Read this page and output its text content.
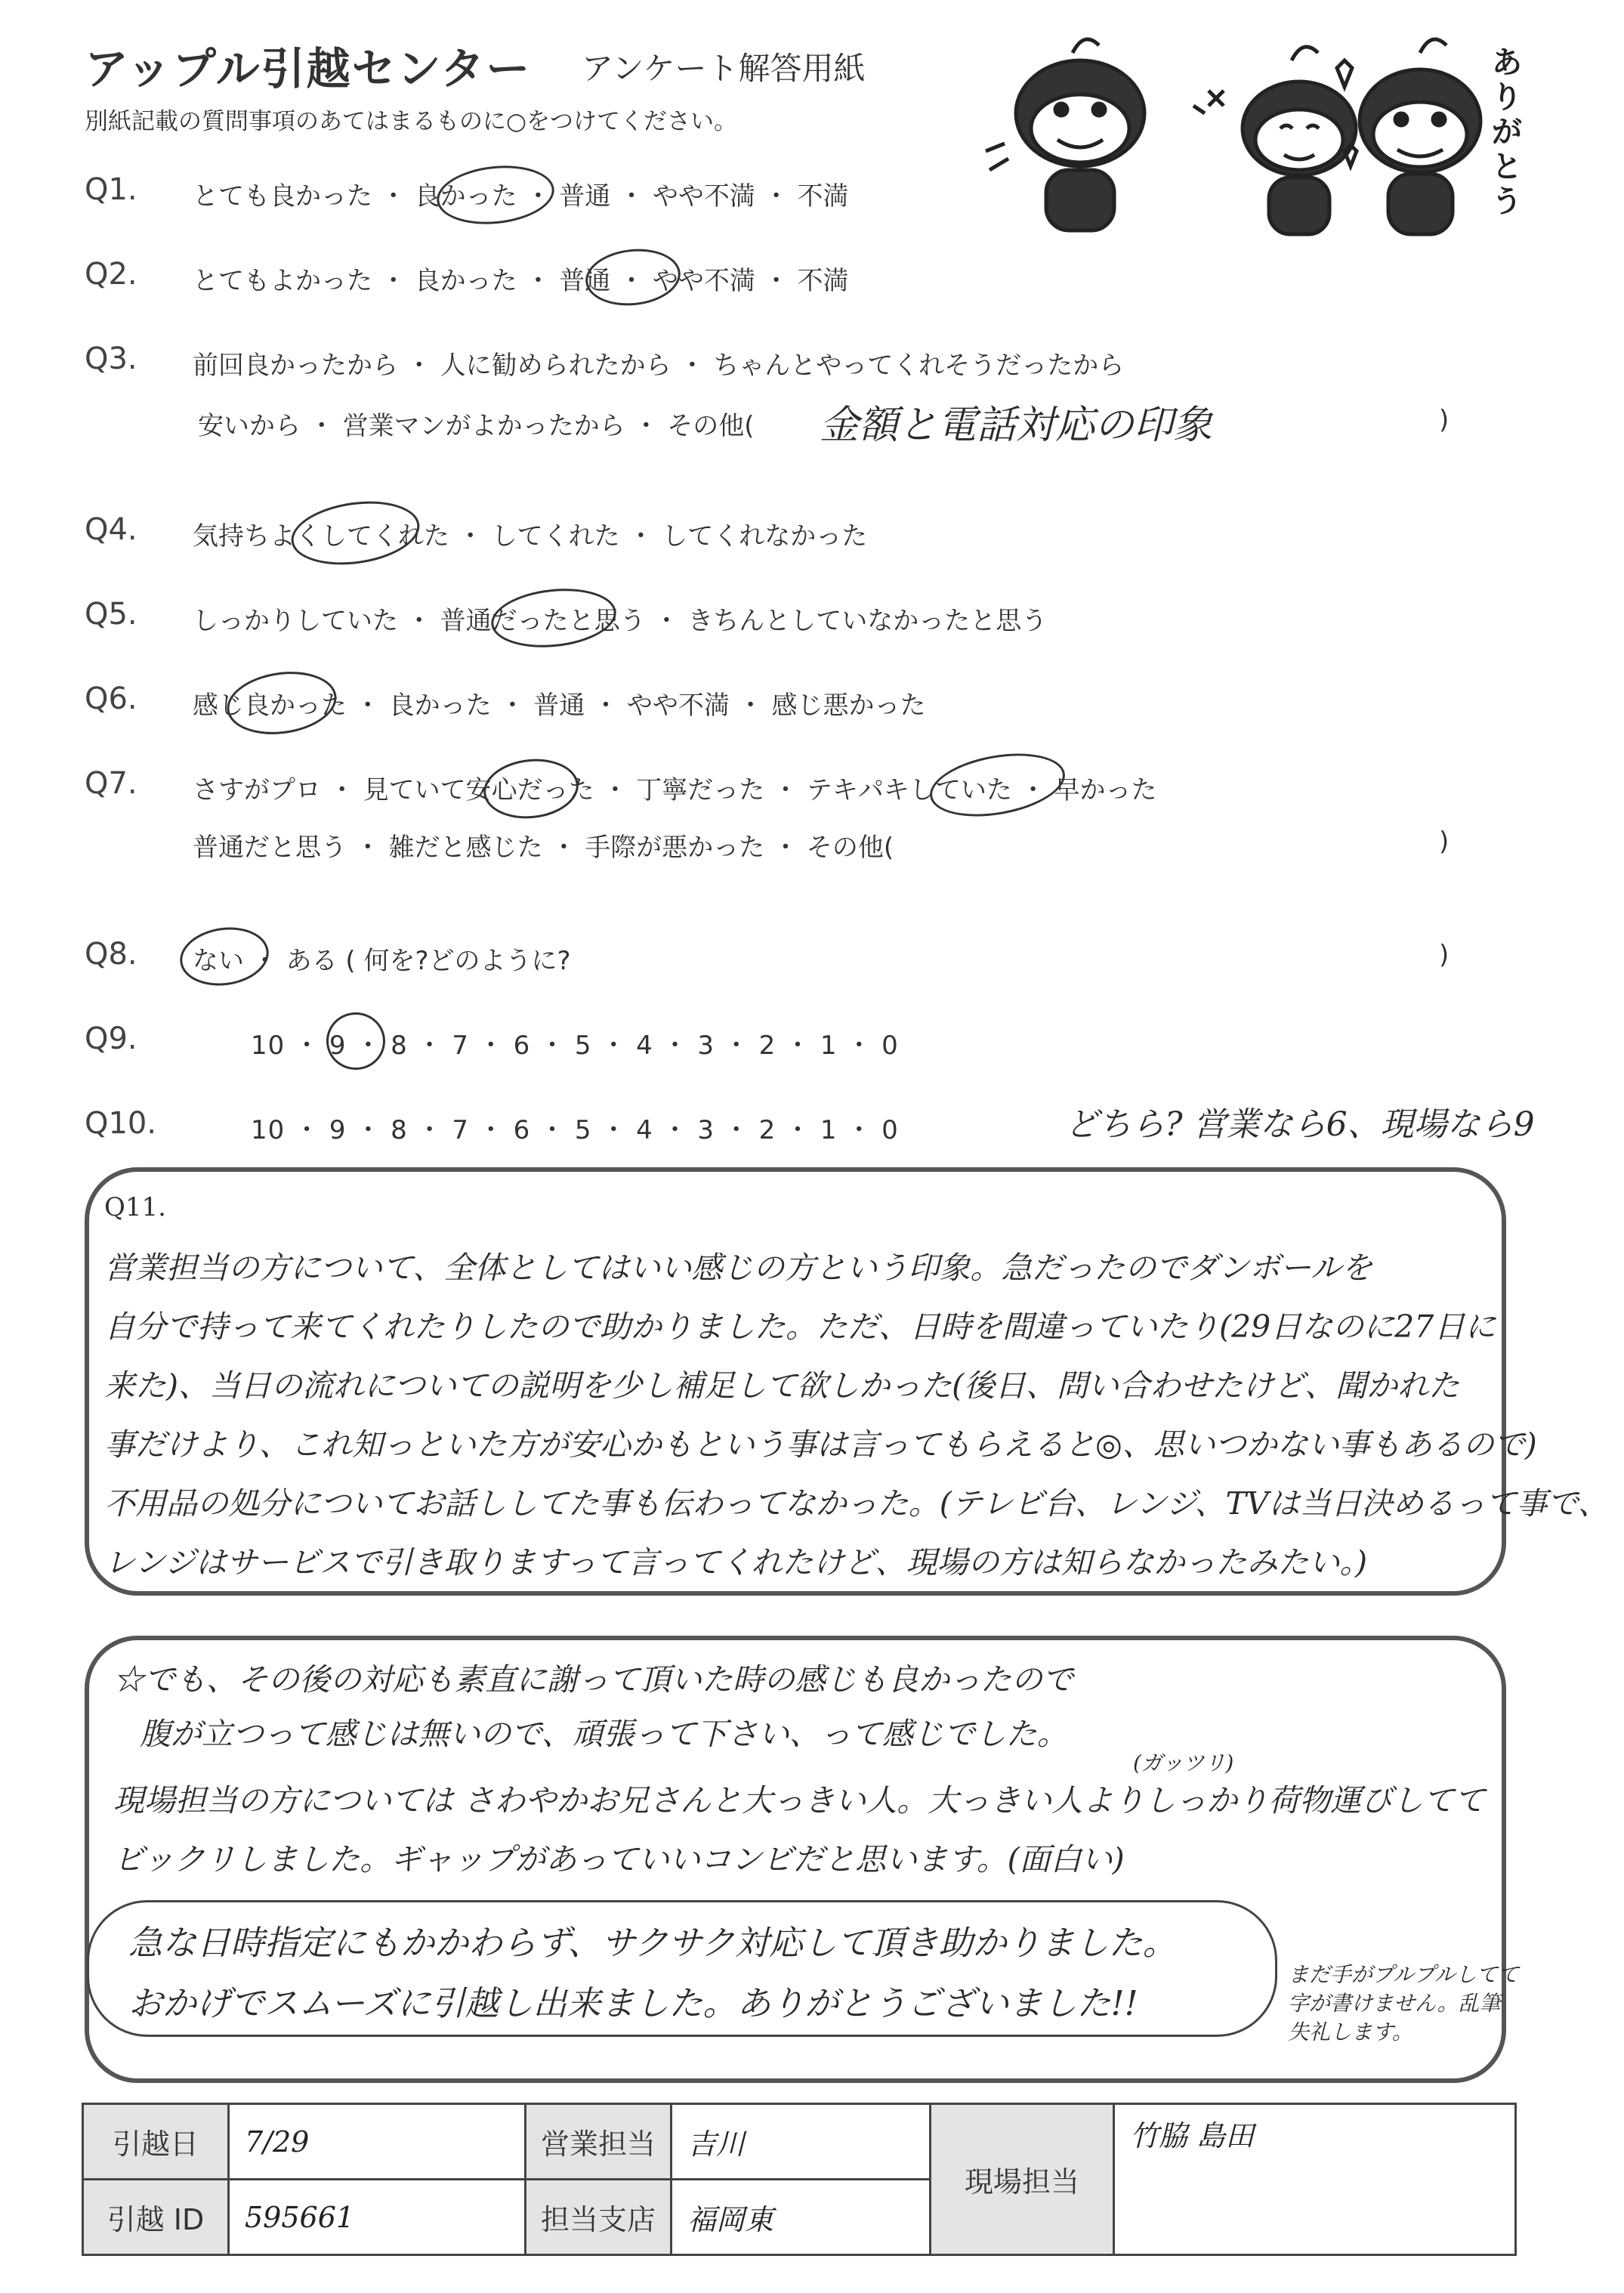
アップル引越センター アンケート解答用紙
別紙記載の質問事項のあてはまるものに○をつけてください。
ありがとう
Q1. とても良かった ・ 良かった ・ 普通 ・ やや不満 ・ 不満
Q2. とてもよかった ・ 良かった ・ 普通 ・ やや不満 ・ 不満
Q3. 前回良かったから ・ 人に勧められたから ・ ちゃんとやってくれそうだったから
安いから ・ 営業マンがよかったから ・ その他( 金額と電話対応の印象	)
Q4. 気持ちよくしてくれた ・ してくれた ・ してくれなかった
Q5. しっかりしていた ・ 普通だったと思う ・ きちんとしていなかったと思う
Q6. 感じ良かった ・ 良かった ・ 普通 ・ やや不満 ・ 感じ悪かった
Q7. さすがプロ ・ 見ていて安心だった ・ 丁寧だった ・ テキパキしていた ・ 早かった
普通だと思う ・ 雑だと感じた ・ 手際が悪かった ・ その他(	)
Q8. ない ・ ある ( 何を?どのように?	)
Q9.	10 ・ 9 ・ 8 ・ 7 ・ 6 ・ 5 ・ 4 ・ 3 ・ 2 ・ 1 ・ 0
Q10.	10 ・ 9 ・ 8 ・ 7 ・ 6 ・ 5 ・ 4 ・ 3 ・ 2 ・ 1 ・ 0	どちら? 営業なら6、現場なら9
Q11.
営業担当の方について、全体としてはいい感じの方という印象。急だったのでダンボールを
自分で持って来てくれたりしたので助かりました。ただ、日時を間違っていたり(29日なのに27日に
来た)、当日の流れについての説明を少し補足して欲しかった(後日、問い合わせたけど、聞かれた
事だけより、これ知っといた方が安心かもという事は言ってもらえると◎、思いつかない事もあるので)
不用品の処分についてお話ししてた事も伝わってなかった。(テレビ台、レンジ、TVは当日決めるって事で、
レンジはサービスで引き取りますって言ってくれたけど、現場の方は知らなかったみたい。)
☆でも、その後の対応も素直に謝って頂いた時の感じも良かったので
腹が立つって感じは無いので、頑張って下さい、って感じでした。
(ガッツリ)
現場担当の方については さわやかお兄さんと大っきい人。大っきい人よりしっかり荷物運びしてて
ビックリしました。ギャップがあっていいコンビだと思います。(面白い)
急な日時指定にもかかわらず、サクサク対応して頂き助かりました。
おかげでスムーズに引越し出来ました。ありがとうございました!!
まだ手がプルプルしてて
字が書けません。乱筆
失礼します。
引越日	7/29	営業担当	吉川	現場担当	竹脇 島田
引越 ID	595661	担当支店	福岡東		
